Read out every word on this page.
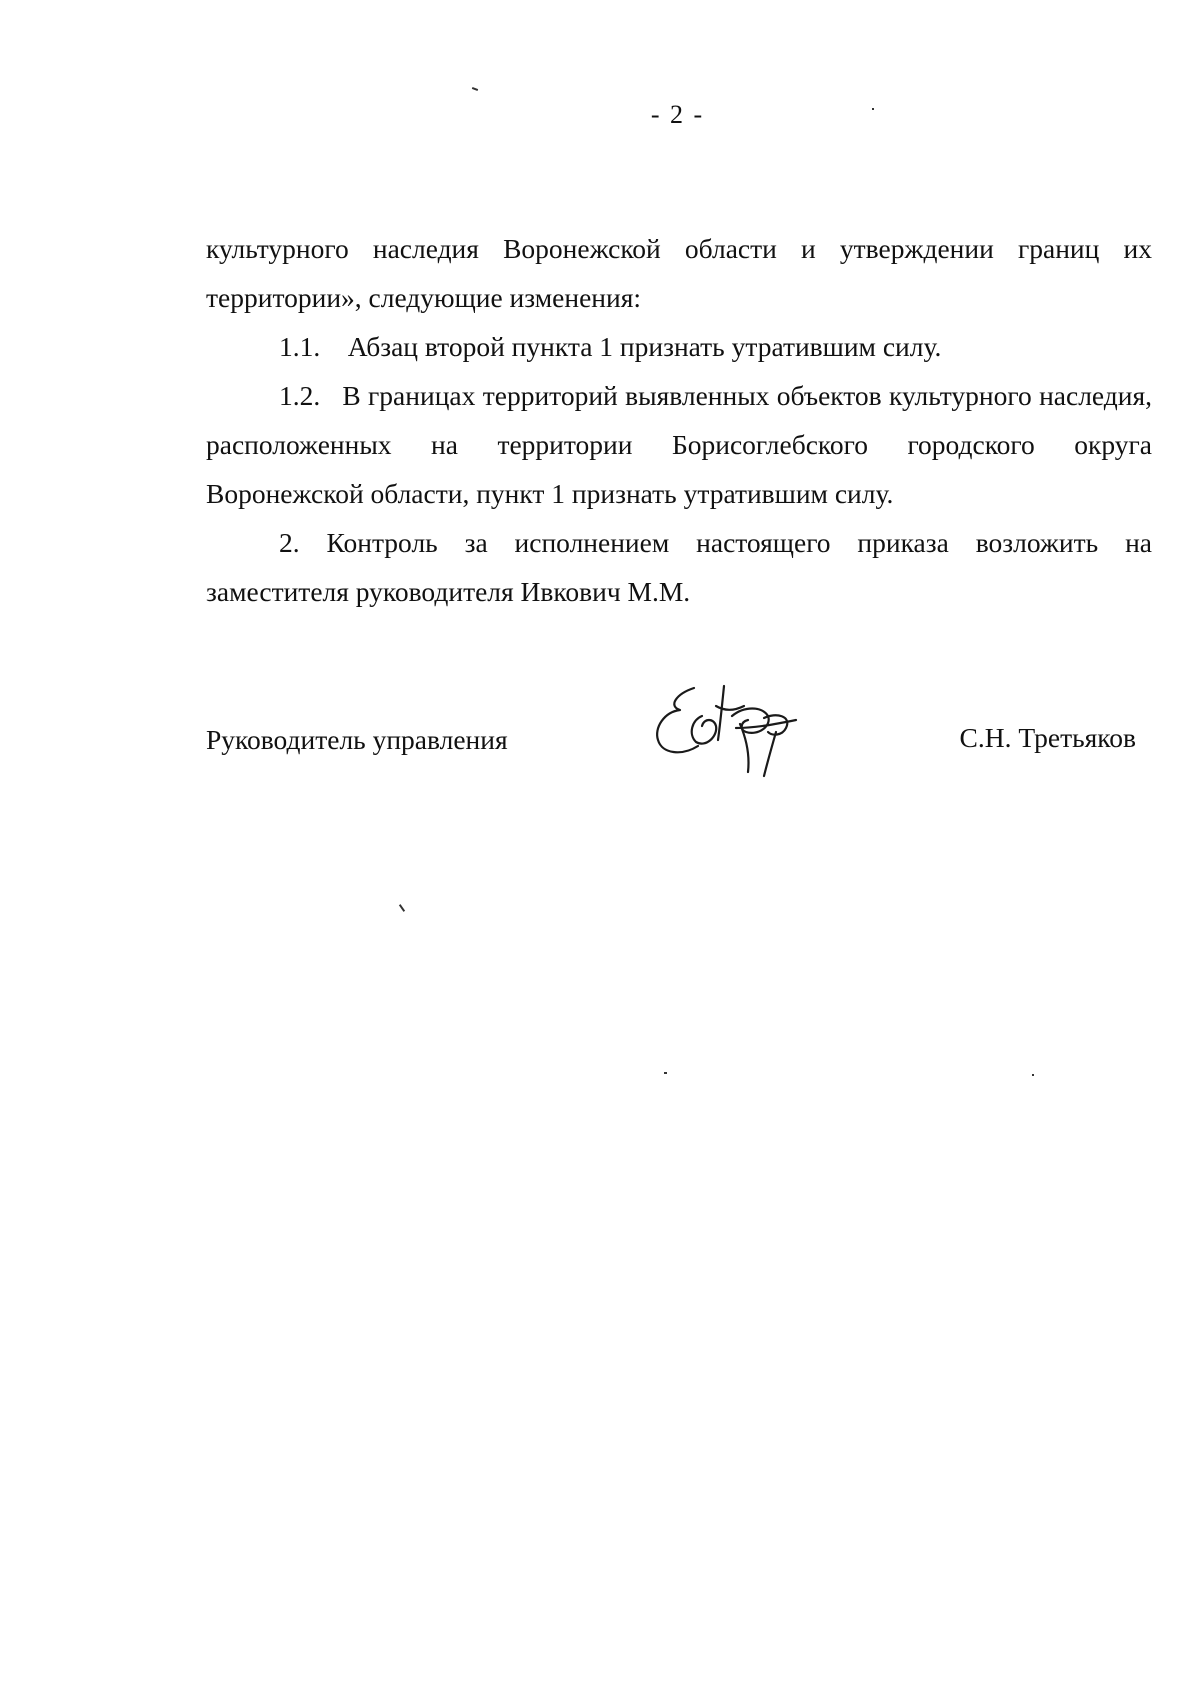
- 2 -

культурного наследия Воронежской области и утверждении границ их территории», следующие изменения:

1.1.    Абзац второй пункта 1 признать утратившим силу.

1.2.   В границах территорий выявленных объектов культурного наследия, расположенных на территории Борисоглебского городского округа Воронежской области, пункт 1 признать утратившим силу.

2. Контроль за исполнением настоящего приказа возложить на заместителя руководителя Ивкович М.М.

Руководитель управления	С.Н. Третьяков
